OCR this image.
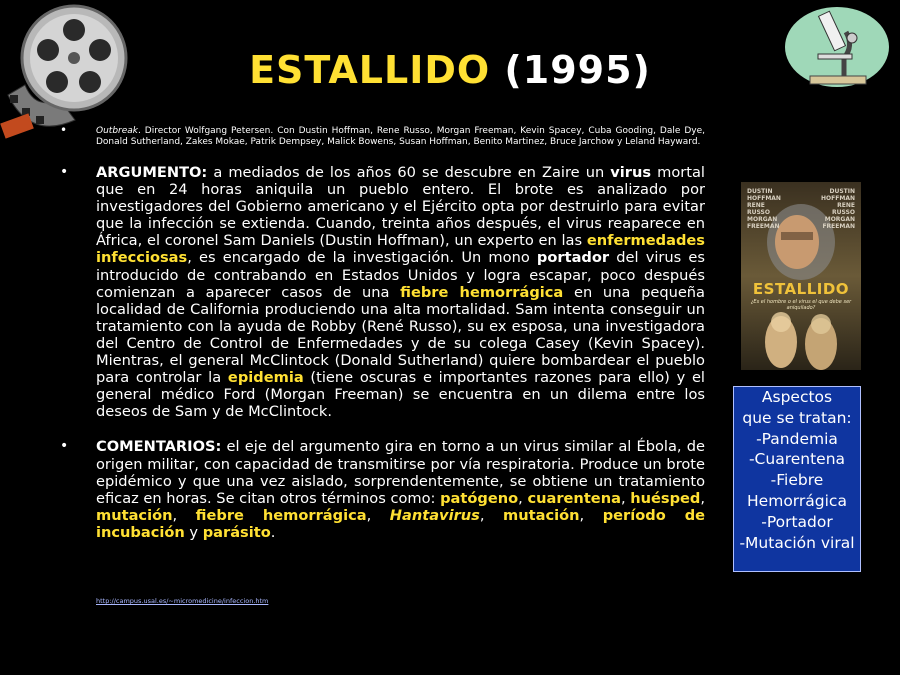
ESTALLIDO (1995)
•	Outbreak. Director Wolfgang Petersen. Con Dustin Hoffman, Rene Russo, Morgan Freeman, Kevin Spacey, Cuba Gooding, Dale Dye, Donald Sutherland, Zakes Mokae, Patrik Dempsey, Malick Bowens, Susan Hoffman, Benito Martinez, Bruce Jarchow y Leland Hayward.
• ARGUMENTO: a mediados de los años 60 se descubre en Zaire un virus mortal que en 24 horas aniquila un pueblo entero. El brote es analizado por investigadores del Gobierno americano y el Ejército opta por destruirlo para evitar que la infección se extienda. Cuando, treinta años después, el virus reaparece en África, el coronel Sam Daniels (Dustin Hoffman), un experto en las enfermedades infecciosas, es encargado de la investigación. Un mono portador del virus es introducido de contrabando en Estados Unidos y logra escapar, poco después comienzan a aparecer casos de una fiebre hemorrágica en una pequeña localidad de California produciendo una alta mortalidad. Sam intenta conseguir un tratamiento con la ayuda de Robby (René Russo), su ex esposa, una investigadora del Centro de Control de Enfermedades y de su colega Casey (Kevin Spacey). Mientras, el general McClintock (Donald Sutherland) quiere bombardear el pueblo para controlar la epidemia (tiene oscuras e importantes razones para ello) y el general médico Ford (Morgan Freeman) se encuentra en un dilema entre los deseos de Sam y de McClintock.
• COMENTARIOS: el eje del argumento gira en torno a un virus similar al Ébola, de origen militar, con capacidad de transmitirse por vía respiratoria. Produce un brote epidémico y que una vez aislado, sorprendentemente, se obtiene un tratamiento eficaz en horas. Se citan otros términos como: patógeno, cuarentena, huésped, mutación, fiebre hemorrágica, Hantavirus, mutación, período de incubación y parásito.
http://campus.usal.es/~micromedicine/infeccion.htm
DUSTIN
HOFFMAN
RENE
RUSSO
MORGAN
FREEMAN
DUSTIN
HOFFMAN
RENE
RUSSO
MORGAN
FREEMAN
ESTALLIDO
¿Es el hombre o el virus el que debe ser aniquilado?
Aspectos
que se tratan:
-Pandemia
-Cuarentena
-Fiebre
Hemorrágica
-Portador
-Mutación viral
